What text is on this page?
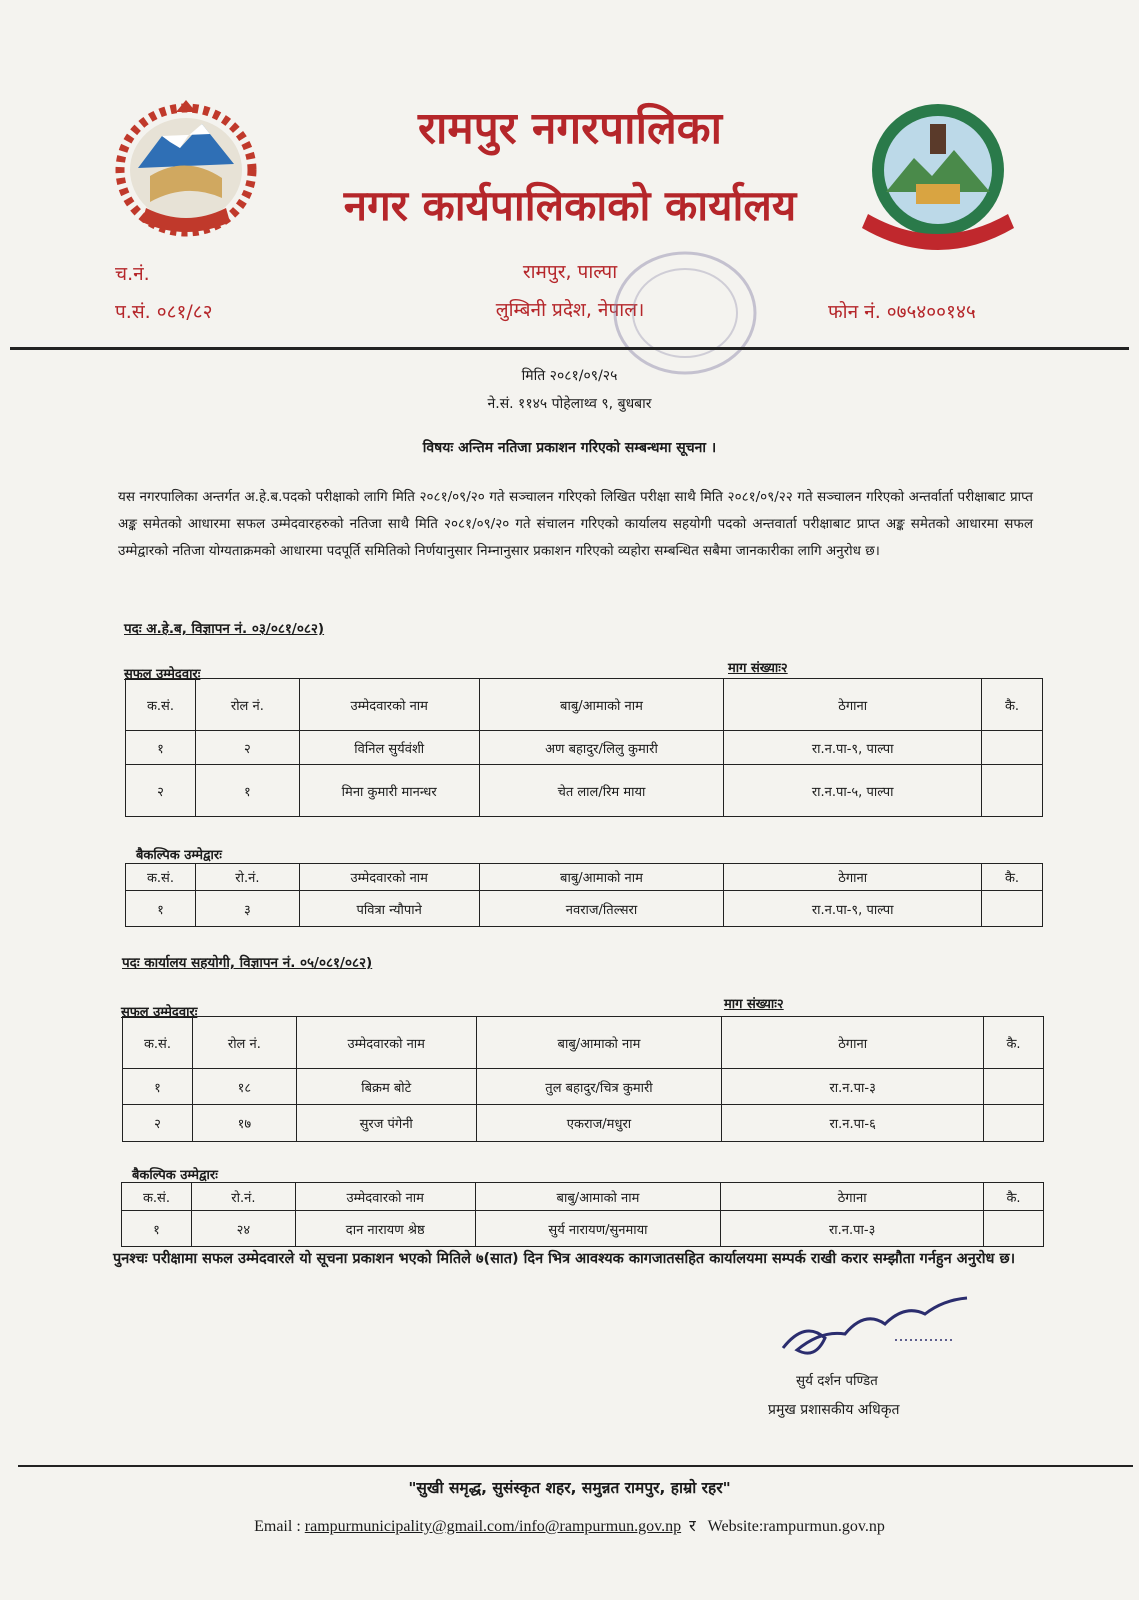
रामपुर नगरपालिका
नगर कार्यपालिकाको कार्यालय
च.नं.
प.सं. ०८१/८२
रामपुर, पाल्पा
लुम्बिनी प्रदेश, नेपाल।	फोन नं. ०७५४००१४५
मिति २०८१/०९/२५
ने.सं. ११४५ पोहेलाथ्व ९, बुधबार
विषयः अन्तिम नतिजा प्रकाशन गरिएको सम्बन्धमा सूचना ।
यस नगरपालिका अन्तर्गत अ.हे.ब.पदको परीक्षाको लागि मिति २०८१/०९/२० गते सञ्चालन गरिएको लिखित परीक्षा साथै मिति २०८१/०९/२२ गते सञ्चालन गरिएको अन्तर्वार्ता परीक्षाबाट प्राप्त अङ्क समेतको आधारमा सफल उम्मेदवारहरुको नतिजा साथै मिति २०८१/०९/२० गते संचालन गरिएको कार्यालय सहयोगी पदको अन्तवार्ता परीक्षाबाट प्राप्त अङ्क समेतको आधारमा सफल उम्मेद्वारको नतिजा योग्यताक्रमको आधारमा पदपूर्ति समितिको निर्णयानुसार निम्नानुसार प्रकाशन गरिएको व्यहोरा सम्बन्धित सबैमा जानकारीका लागि अनुरोध छ।
पदः अ.हे.ब, विज्ञापन नं. ०३/०८१/०८२)
सफल उम्मेदवारः	माग संख्याः२
क.सं.	रोल नं.	उम्मेदवारको नाम	बाबु/आमाको नाम	ठेगाना	कै.
१	२	विनिल सुर्यवंशी	अण बहादुर/लिलु कुमारी	रा.न.पा-९, पाल्पा	
२	१	मिना कुमारी मानन्धर	चेत लाल/रिम माया	रा.न.पा-५, पाल्पा	
बैकल्पिक उम्मेद्वारः
क.सं.	रो.नं.	उम्मेदवारको नाम	बाबु/आमाको नाम	ठेगाना	कै.
१	३	पवित्रा न्यौपाने	नवराज/तिल्सरा	रा.न.पा-९, पाल्पा	
पदः कार्यालय सहयोगी, विज्ञापन नं. ०५/०८१/०८२)
सफल उम्मेदवारः
माग संख्याः२
क.सं.	रोल नं.	उम्मेदवारको नाम	बाबु/आमाको नाम	ठेगाना	कै.
१	१८	बिक्रम बोटे	तुल बहादुर/चित्र कुमारी	रा.न.पा-३	
२	१७	सुरज पंगेनी	एकराज/मधुरा	रा.न.पा-६	
बैकल्पिक उम्मेद्वारः
क.सं.	रो.नं.	उम्मेदवारको नाम	बाबु/आमाको नाम	ठेगाना	कै.
१	२४	दान नारायण श्रेष्ठ	सुर्य नारायण/सुनमाया	रा.न.पा-३	
पुनश्चः परीक्षामा सफल उम्मेदवारले यो सूचना प्रकाशन भएको मितिले ७(सात) दिन भित्र आवश्यक कागजातसहित कार्यालयमा सम्पर्क राखी करार सम्झौता गर्नहुन अनुरोध छ।
सुर्य दर्शन पण्डित
प्रमुख प्रशासकीय अधिकृत
"सुखी समृद्ध, सुसंस्कृत शहर, समुन्नत रामपुर, हाम्रो रहर"
Email : rampurmunicipality@gmail.com/info@rampurmun.gov.np र Website:rampurmun.gov.np
